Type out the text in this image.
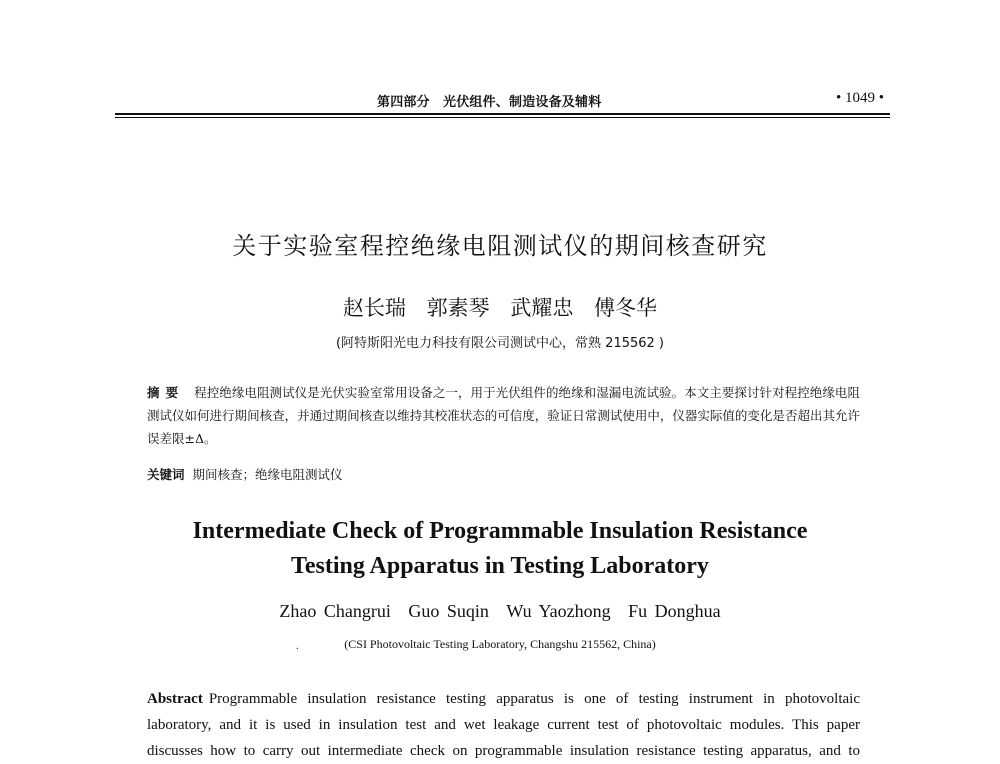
第四部分　光伏组件、制造设备及辅料	• 1049 •
关于实验室程控绝缘电阻测试仪的期间核查研究
赵长瑞 郭素琴 武耀忠 傅冬华
(阿特斯阳光电力科技有限公司测试中心，常熟 215562 )
摘要 程控绝缘电阻测试仪是光伏实验室常用设备之一，用于光伏组件的绝缘和湿漏电流试验。本文主要探讨针对程控绝缘电阻测试仪如何进行期间核查，并通过期间核查以维持其校准状态的可信度，验证日常测试使用中，仪器实际值的变化是否超出其允许误差限±Δ。
关键词 期间核查；绝缘电阻测试仪
Intermediate Check of Programmable Insulation Resistance
Testing Apparatus in Testing Laboratory
Zhao Changrui Guo Suqin Wu Yaozhong Fu Donghua
.	(CSI Photovoltaic Testing Laboratory, Changshu 215562, China)
Abstract Programmable insulation resistance testing apparatus is one of testing instrument in photovoltaic
laboratory, and it is used in insulation test and wet leakage current test of photovoltaic modules. This paper
discusses how to carry out intermediate check on programmable insulation resistance testing apparatus, and to
